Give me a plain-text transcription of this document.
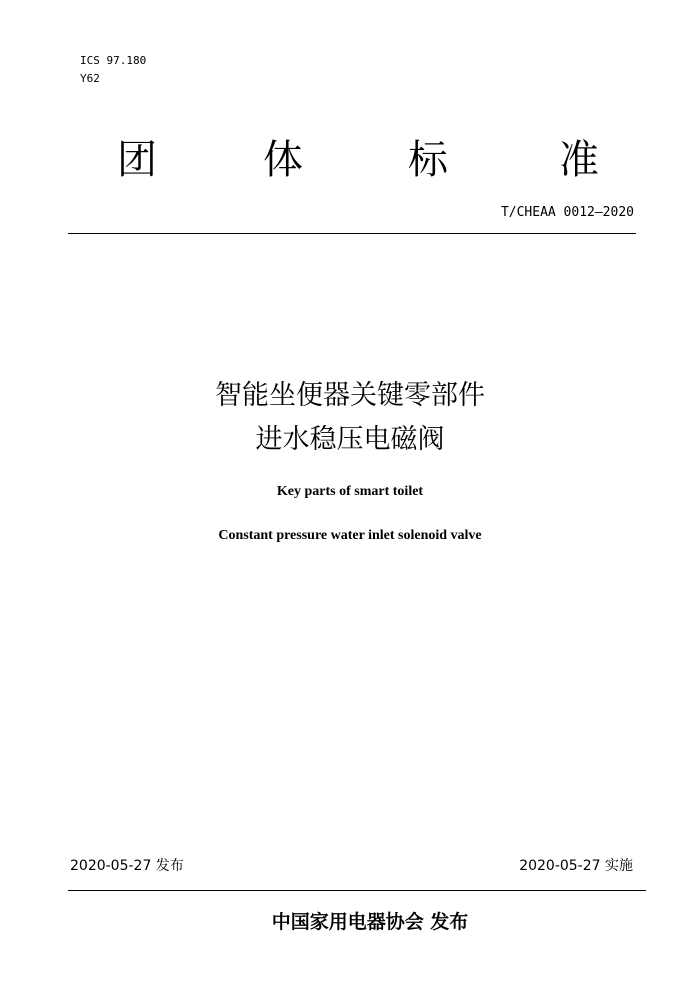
ICS 97.180
Y62
团	体	标	准
T/CHEAA 0012—2020
智能坐便器关键零部件
进水稳压电磁阀
Key parts of smart toilet
Constant pressure water inlet solenoid valve
2020-05-27 发布	2020-05-27 实施
中国家用电器协会 发布
